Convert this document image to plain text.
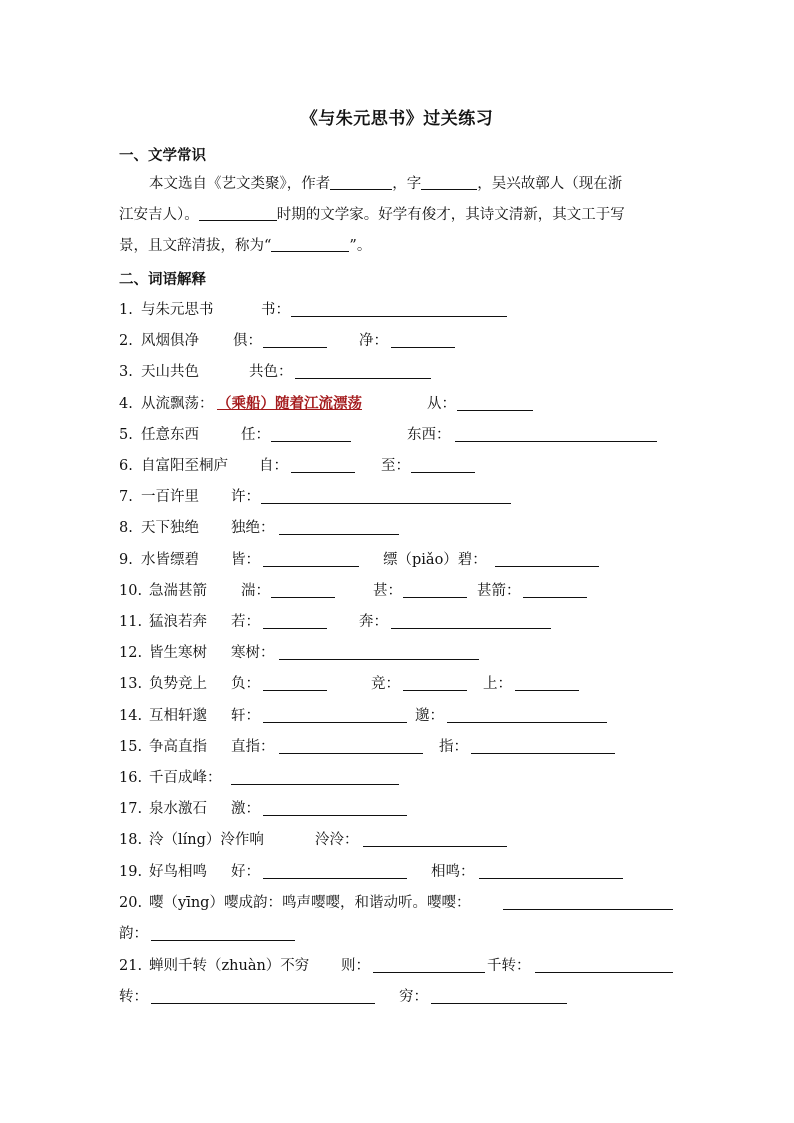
《与朱元思书》过关练习
一、文学常识
本文选自《艺文类聚》，作者	，字	，吴兴故鄣人（现在浙
江安吉人）。	时期的文学家。好学有俊才，其诗文清新，其文工于写
景，且文辞清拔，称为“	”。
二、词语解释
1. 与朱元思书	书：
2. 风烟俱净 俱：	净：
3. 天山共色	共色：
4. 从流飘荡： （乘船）随着江流漂荡	从：
5. 任意东西	任：	东西：
6. 自富阳至桐庐 自：	至：
7. 一百许里 许：
8. 天下独绝 独绝：
9. 水皆缥碧 皆：	缥（piǎo）碧：
10. 急湍甚箭 湍：	甚：	甚箭：
11. 猛浪若奔 若：	奔：
12. 皆生寒树 寒树：
13. 负势竞上 负：	竞：	上：
14. 互相轩邈 轩：	邈：
15. 争高直指 直指：	指：
16. 千百成峰：
17. 泉水激石 激：
18. 泠（líng）泠作响	泠泠：
19. 好鸟相鸣 好：	相鸣：
20. 嘤（yīng）嘤成韵：鸣声嘤嘤，和谐动听。嘤嘤：
韵：
21. 蝉则千转（zhuàn）不穷 则：	千转：
转：	穷：
